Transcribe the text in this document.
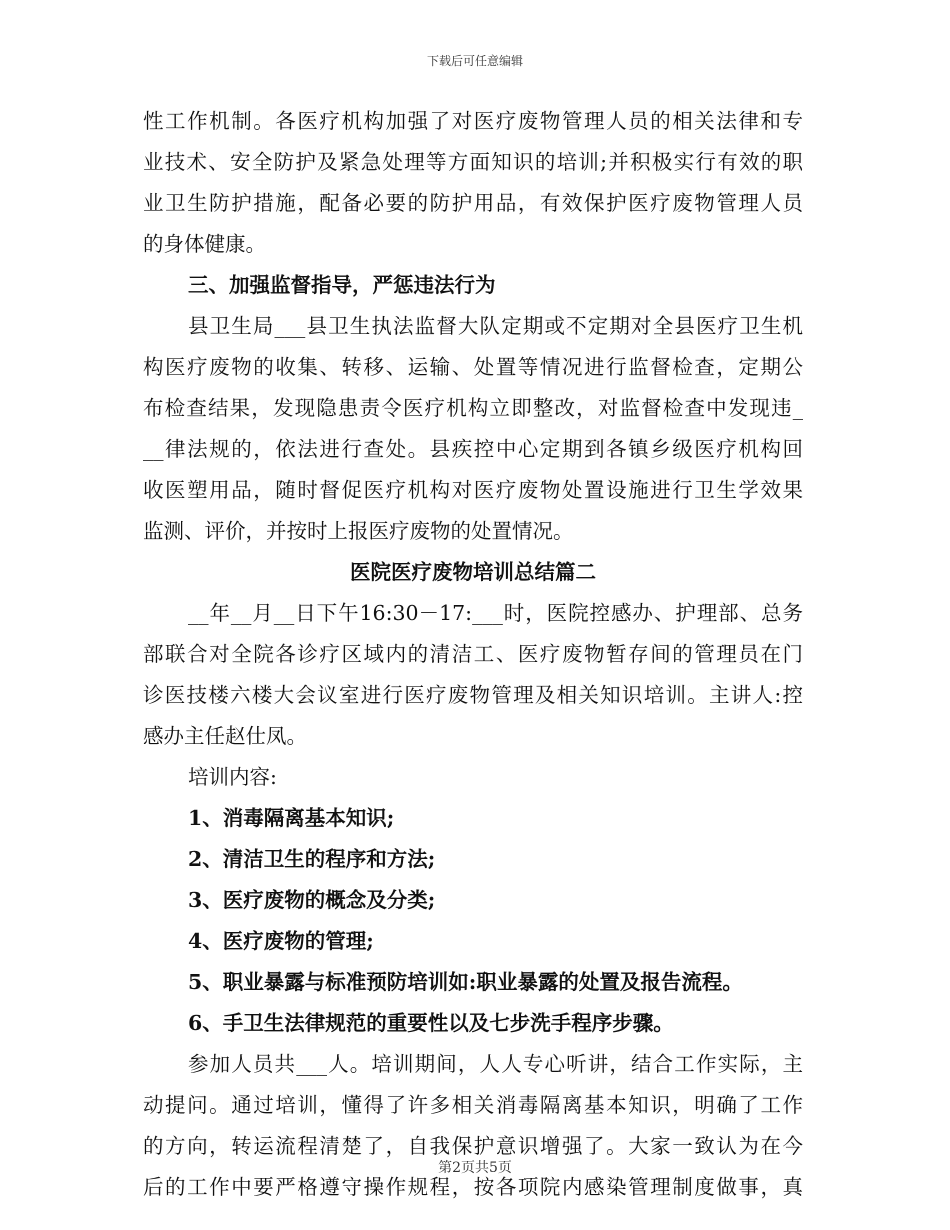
下载后可任意编辑
性工作机制。各医疗机构加强了对医疗废物管理人员的相关法律和专
业技术、安全防护及紧急处理等方面知识的培训;并积极实行有效的职
业卫生防护措施，配备必要的防护用品，有效保护医疗废物管理人员
的身体健康。
三、加强监督指导，严惩违法行为
县卫生局___县卫生执法监督大队定期或不定期对全县医疗卫生机
构医疗废物的收集、转移、运输、处置等情况进行监督检查，定期公
布检查结果，发现隐患责令医疗机构立即整改，对监督检查中发现违_
__律法规的，依法进行查处。县疾控中心定期到各镇乡级医疗机构回
收医塑用品，随时督促医疗机构对医疗废物处置设施进行卫生学效果
监测、评价，并按时上报医疗废物的处置情况。
医院医疗废物培训总结篇二
__年__月__日下午16:30－17:___时，医院控感办、护理部、总务
部联合对全院各诊疗区域内的清洁工、医疗废物暂存间的管理员在门
诊医技楼六楼大会议室进行医疗废物管理及相关知识培训。主讲人:控
感办主任赵仕凤。
培训内容:
1、消毒隔离基本知识;
2、清洁卫生的程序和方法;
3、医疗废物的概念及分类;
4、医疗废物的管理;
5、职业暴露与标准预防培训如:职业暴露的处置及报告流程。
6、手卫生法律规范的重要性以及七步洗手程序步骤。
参加人员共___人。培训期间，人人专心听讲，结合工作实际，主
动提问。通过培训，懂得了许多相关消毒隔离基本知识，明确了工作
的方向，转运流程清楚了，自我保护意识增强了。大家一致认为在今
后的工作中要严格遵守操作规程，按各项院内感染管理制度做事，真
第2页共5页
